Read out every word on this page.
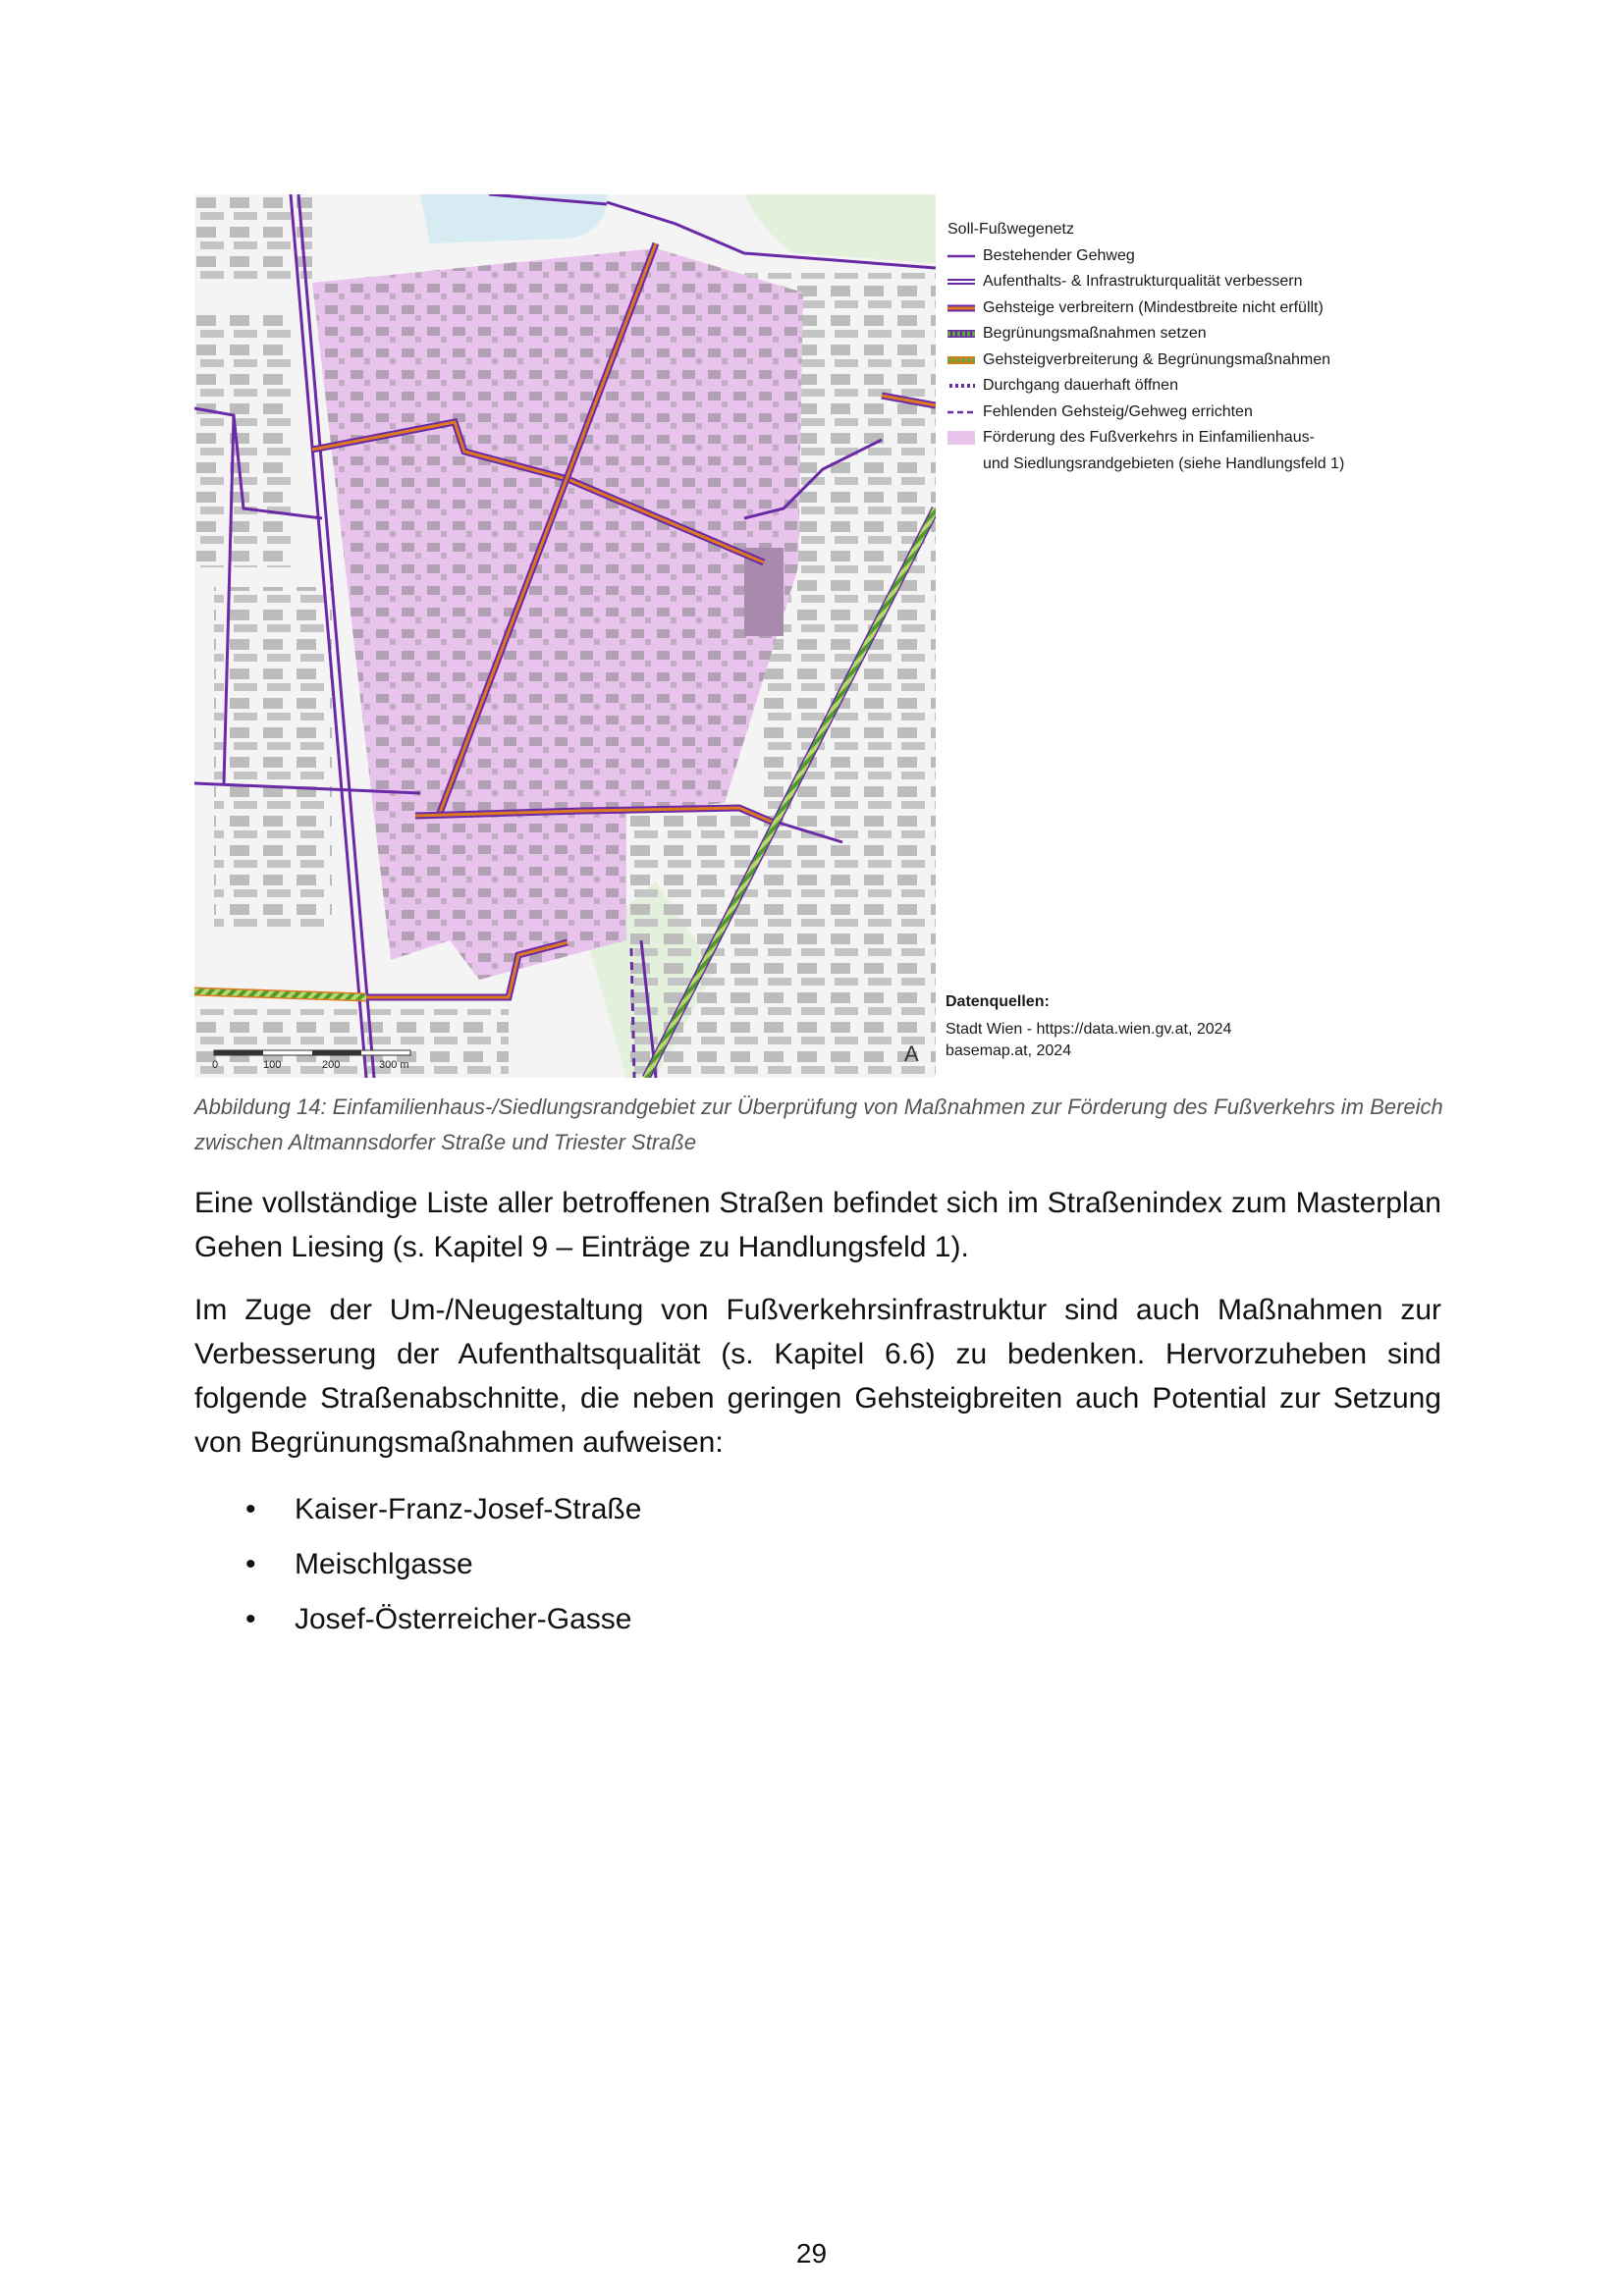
0	100	200	300 m	A
Soll-Fußwegenetz
Bestehender Gehweg
Aufenthalts- & Infrastrukturqualität verbessern
Gehsteige verbreitern (Mindestbreite nicht erfüllt)
Begrünungsmaßnahmen setzen
Gehsteigverbreiterung & Begrünungsmaßnahmen
Durchgang dauerhaft öffnen
Fehlenden Gehsteig/Gehweg errichten
Förderung des Fußverkehrs in Einfamilienhaus-
und Siedlungsrandgebieten (siehe Handlungsfeld 1)
Datenquellen:
Stadt Wien - https://data.wien.gv.at, 2024
basemap.at, 2024
Abbildung 14: Einfamilienhaus-/Siedlungsrandgebiet zur Überprüfung von Maßnahmen zur Förderung des Fußverkehrs im Bereich zwischen Altmannsdorfer Straße und Triester Straße
Eine vollständige Liste aller betroffenen Straßen befindet sich im Straßenindex zum Masterplan Gehen Liesing (s. Kapitel 9 – Einträge zu Handlungsfeld 1).
Im Zuge der Um-/Neugestaltung von Fußverkehrsinfrastruktur sind auch Maßnahmen zur Verbesserung der Aufenthaltsqualität (s. Kapitel 6.6) zu bedenken. Hervorzuheben sind folgende Straßenabschnitte, die neben geringen Gehsteigbreiten auch Potential zur Setzung von Begrünungsmaßnahmen aufweisen:
• Kaiser-Franz-Josef-Straße
• Meischlgasse
• Josef-Österreicher-Gasse
29
